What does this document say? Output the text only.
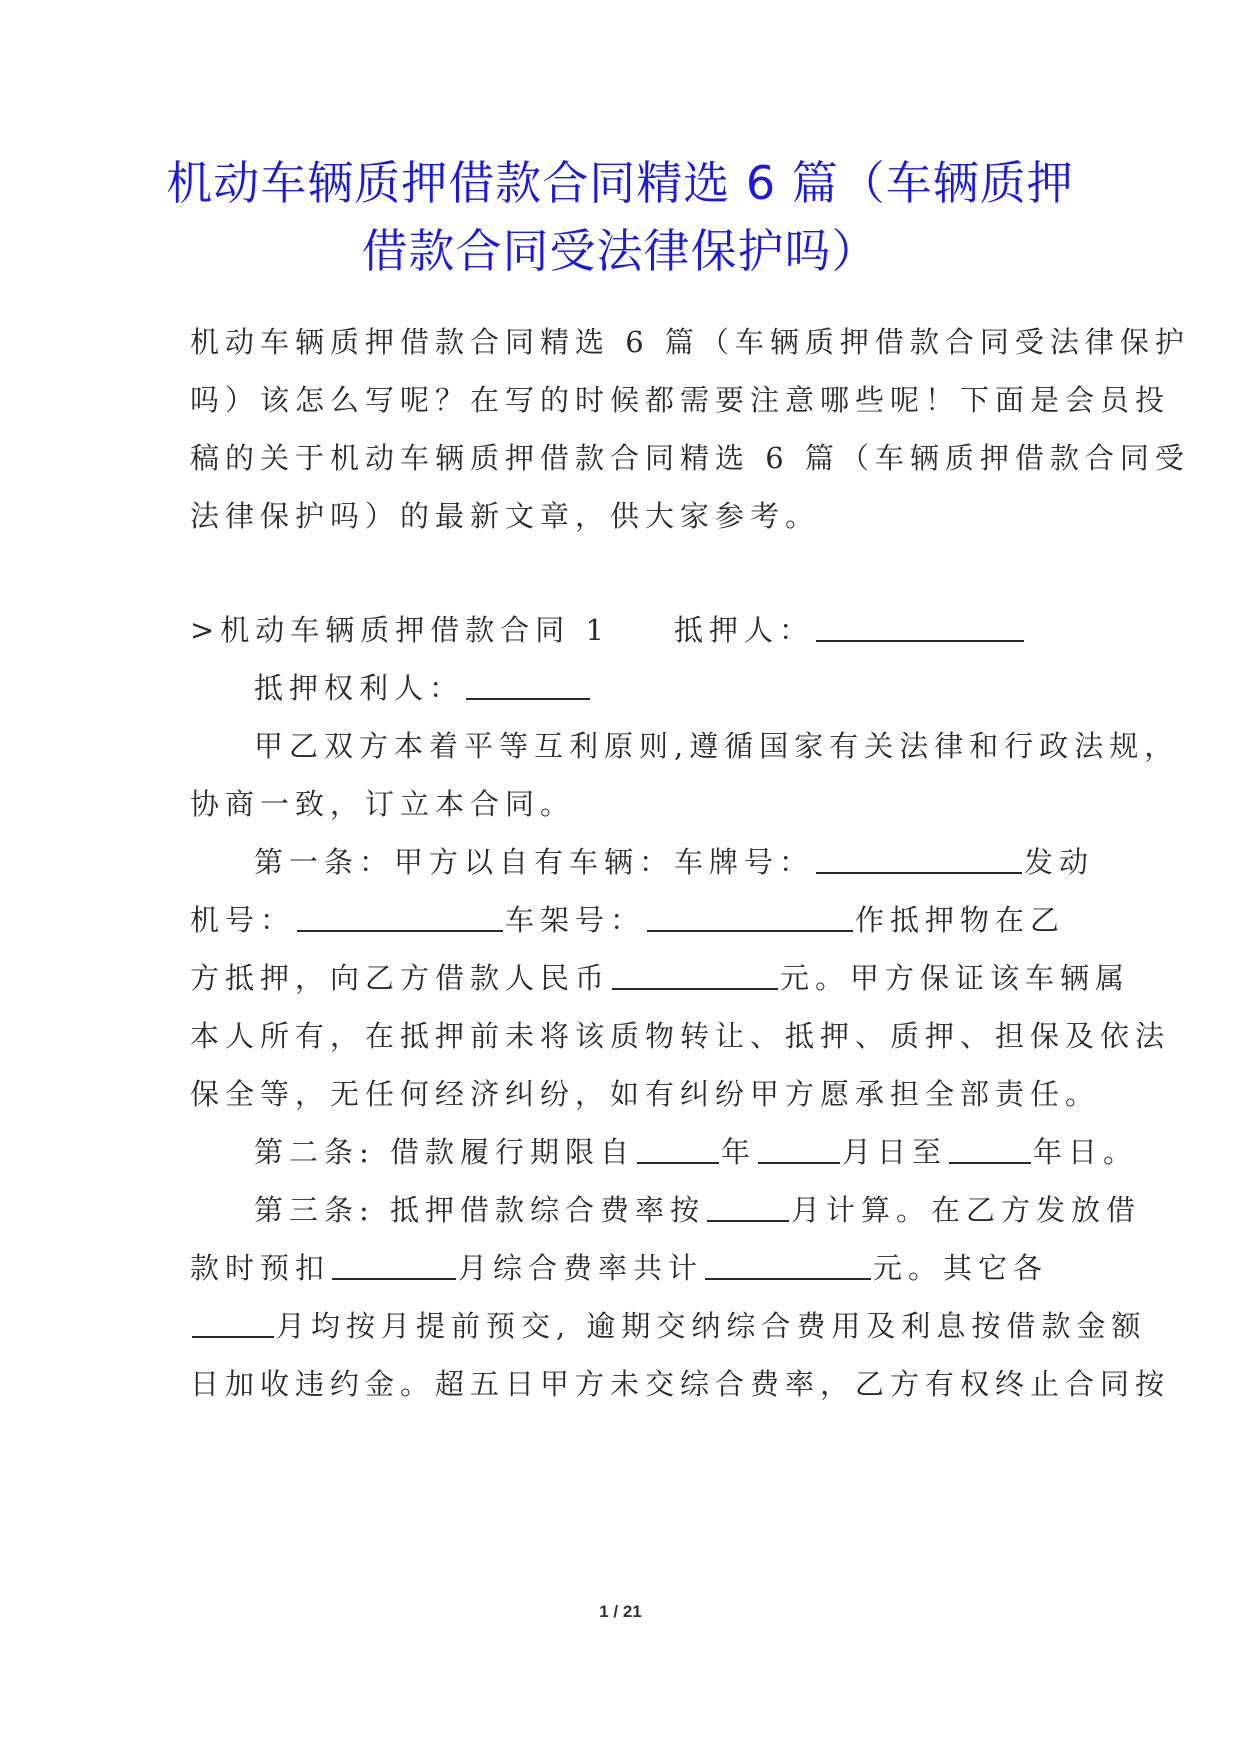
机动车辆质押借款合同精选 6 篇（车辆质押
借款合同受法律保护吗）
机动车辆质押借款合同精选 6 篇（车辆质押借款合同受法律保护
吗）该怎么写呢？在写的时候都需要注意哪些呢！下面是会员投
稿的关于机动车辆质押借款合同精选 6 篇（车辆质押借款合同受
法律保护吗）的最新文章，供大家参考。
>机动车辆质押借款合同 1 抵押人：
抵押权利人：
甲乙双方本着平等互利原则,遵循国家有关法律和行政法规，
协商一致，订立本合同。
第一条：甲方以自有车辆：车牌号：	发动
机号：	车架号：	作抵押物在乙
方抵押，向乙方借款人民币	元。甲方保证该车辆属
本人所有，在抵押前未将该质物转让、抵押、质押、担保及依法
保全等，无任何经济纠纷，如有纠纷甲方愿承担全部责任。
第二条: 借款履行期限自	年	月日至	年日。
第三条: 抵押借款综合费率按	月计算。在乙方发放借
款时预扣	月综合费率共计	元。其它各
月均按月提前预交, 逾期交纳综合费用及利息按借款金额
日加收违约金。超五日甲方未交综合费率，乙方有权终止合同按
1 / 21
